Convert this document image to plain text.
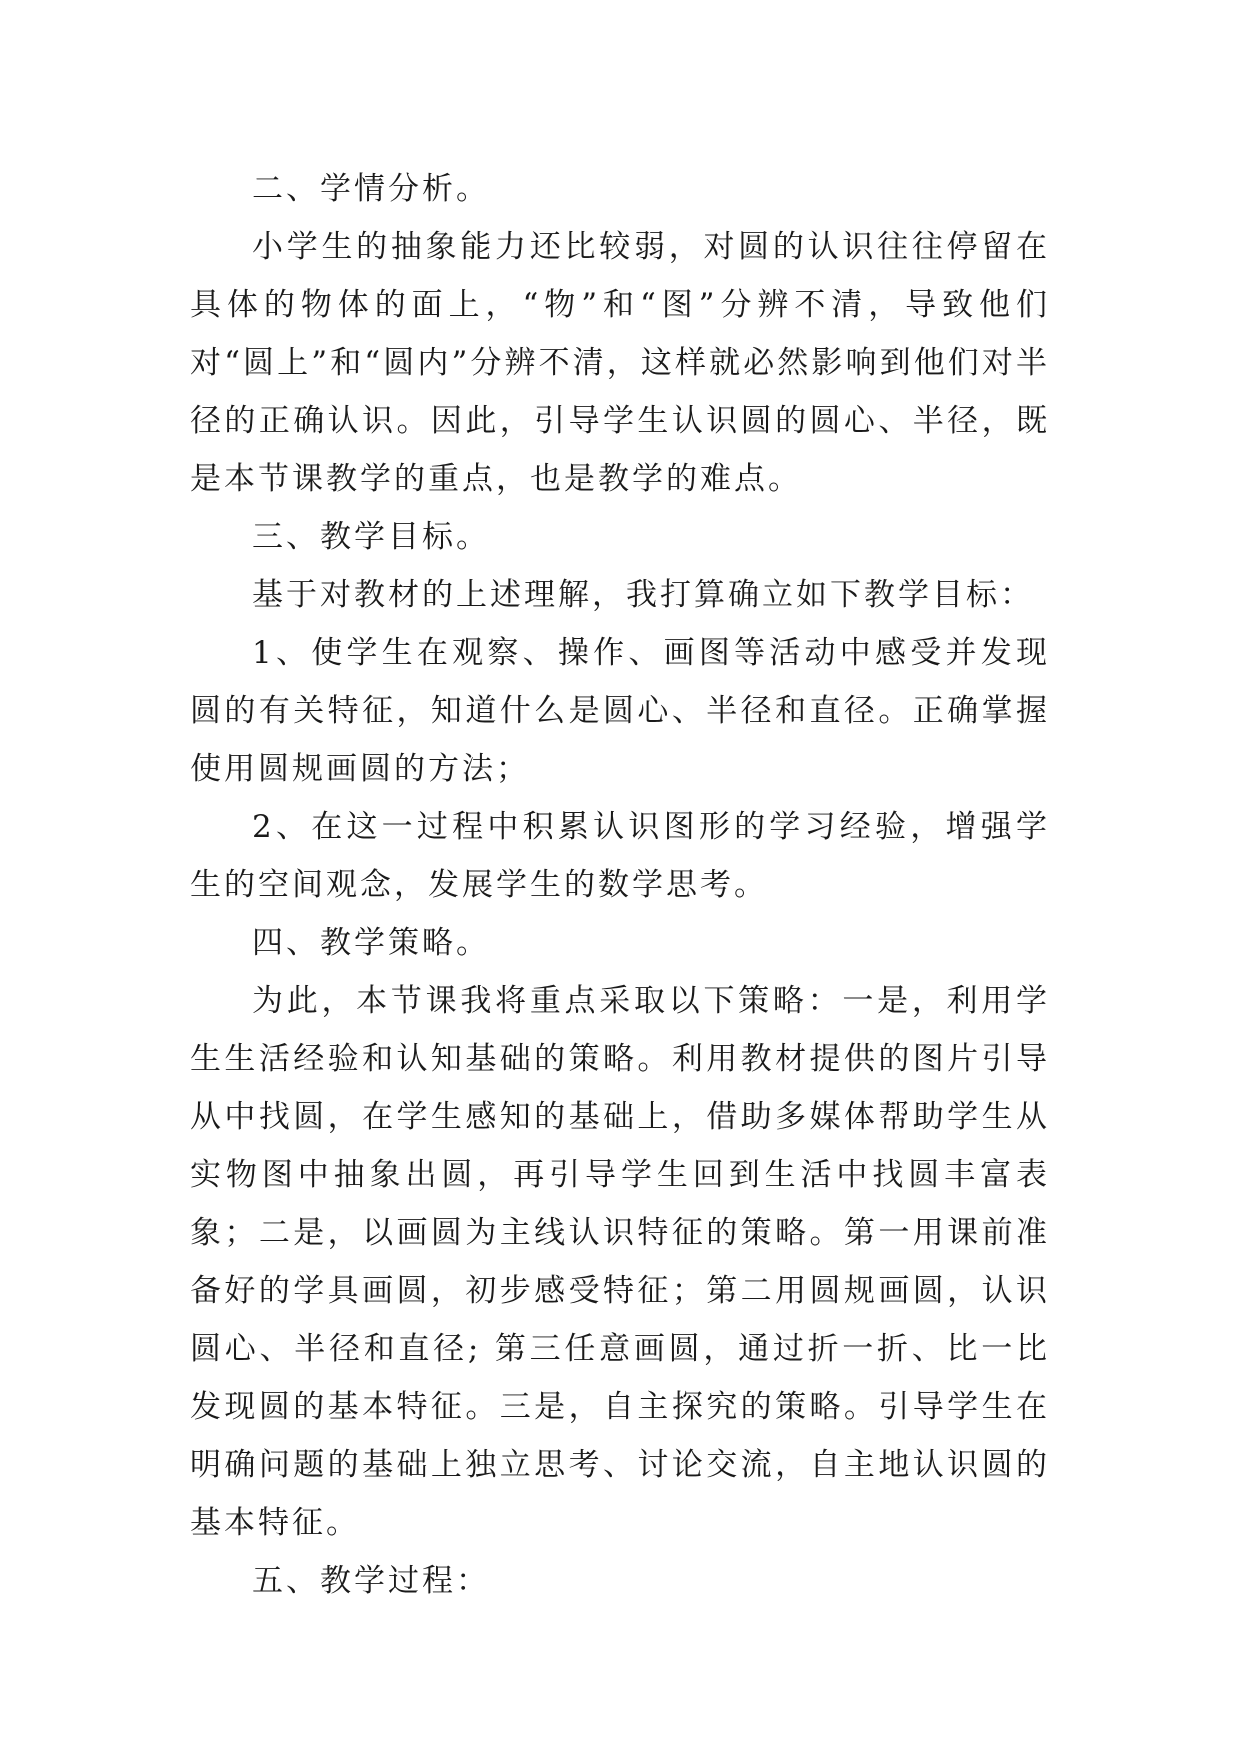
二、学情分析。

小学生的抽象能力还比较弱，对圆的认识往往停留在具体的物体的面上，“物”和“图”分辨不清，导致他们对“圆上”和“圆内”分辨不清，这样就必然影响到他们对半径的正确认识。因此，引导学生认识圆的圆心、半径，既是本节课教学的重点，也是教学的难点。

三、教学目标。

基于对教材的上述理解，我打算确立如下教学目标：

1、使学生在观察、操作、画图等活动中感受并发现圆的有关特征，知道什么是圆心、半径和直径。正确掌握使用圆规画圆的方法；

2、在这一过程中积累认识图形的学习经验，增强学生的空间观念，发展学生的数学思考。

四、教学策略。

为此，本节课我将重点采取以下策略：一是，利用学生生活经验和认知基础的策略。利用教材提供的图片引导从中找圆，在学生感知的基础上，借助多媒体帮助学生从实物图中抽象出圆，再引导学生回到生活中找圆丰富表象；二是，以画圆为主线认识特征的策略。第一用课前准备好的学具画圆，初步感受特征；第二用圆规画圆，认识圆心、半径和直径; 第三任意画圆，通过折一折、比一比发现圆的基本特征。三是，自主探究的策略。引导学生在明确问题的基础上独立思考、讨论交流，自主地认识圆的基本特征。

五、教学过程：
